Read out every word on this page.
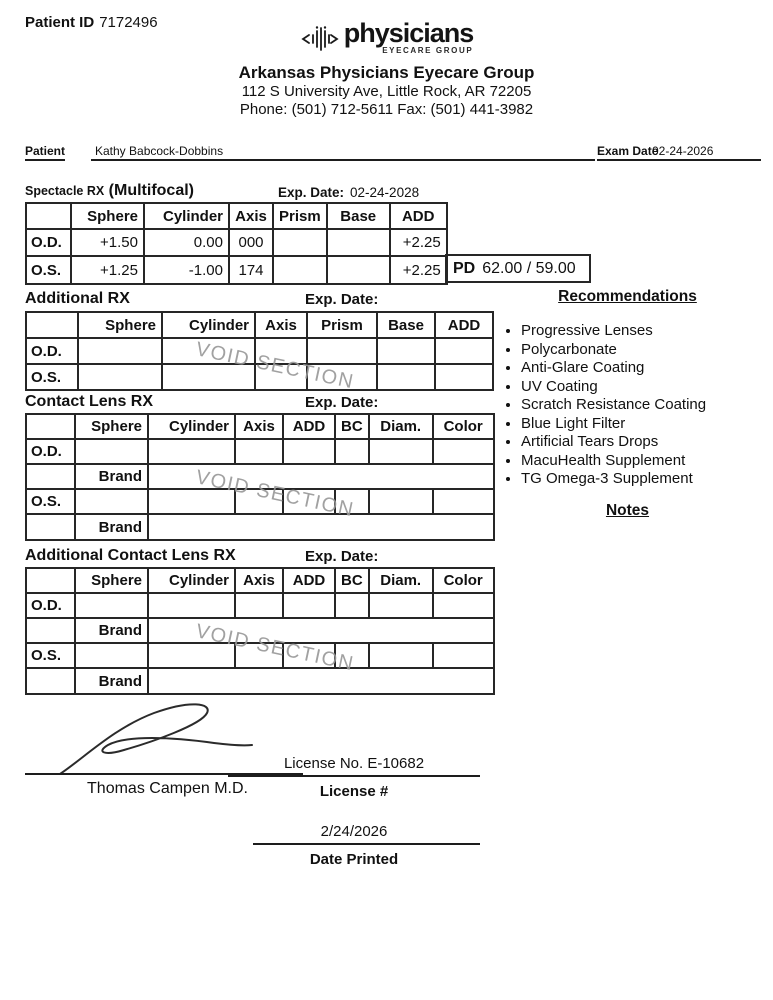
Patient ID 7172496	physicians
EYECARE GROUP
Arkansas Physicians Eyecare Group
112 S University Ave, Little Rock, AR 72205
Phone: (501) 712-5611 Fax: (501) 441-3982
Patient	Kathy Babcock-Dobbins	Exam Date
02-24-2026
Spectacle RX (Multifocal)	Exp. Date: 02-24-2028
	Sphere	Cylinder	Axis	Prism	Base	ADD
O.D.	+1.50	0.00	000			+2.25
O.S.	+1.25	-1.00	174			+2.25 PD 62.00 / 59.00
Additional RX	Exp. Date:
	Sphere	Cylinder	Axis	Prism	Base	ADD
O.D.						
O.S.							VOID SECTION
Contact Lens RX	Exp. Date:
	Sphere	Cylinder	Axis	ADD	BC	Diam.	Color
O.D.							
	Brand						
O.S.							
	Brand						
VOID SECTION
Additional Contact Lens RX	Exp. Date:
	Sphere	Cylinder	Axis	ADD	BC	Diam.	Color
O.D.							
	Brand						
O.S.							
	Brand						
VOID SECTION
Recommendations
• Progressive Lenses
• Polycarbonate
• Anti-Glare Coating
• UV Coating
• Scratch Resistance Coating
• Blue Light Filter
• Artificial Tears Drops
• MacuHealth Supplement
• TG Omega-3 Supplement
Notes
Thomas Campen M.D.
License No. E-10682
License #
2/24/2026
Date Printed
